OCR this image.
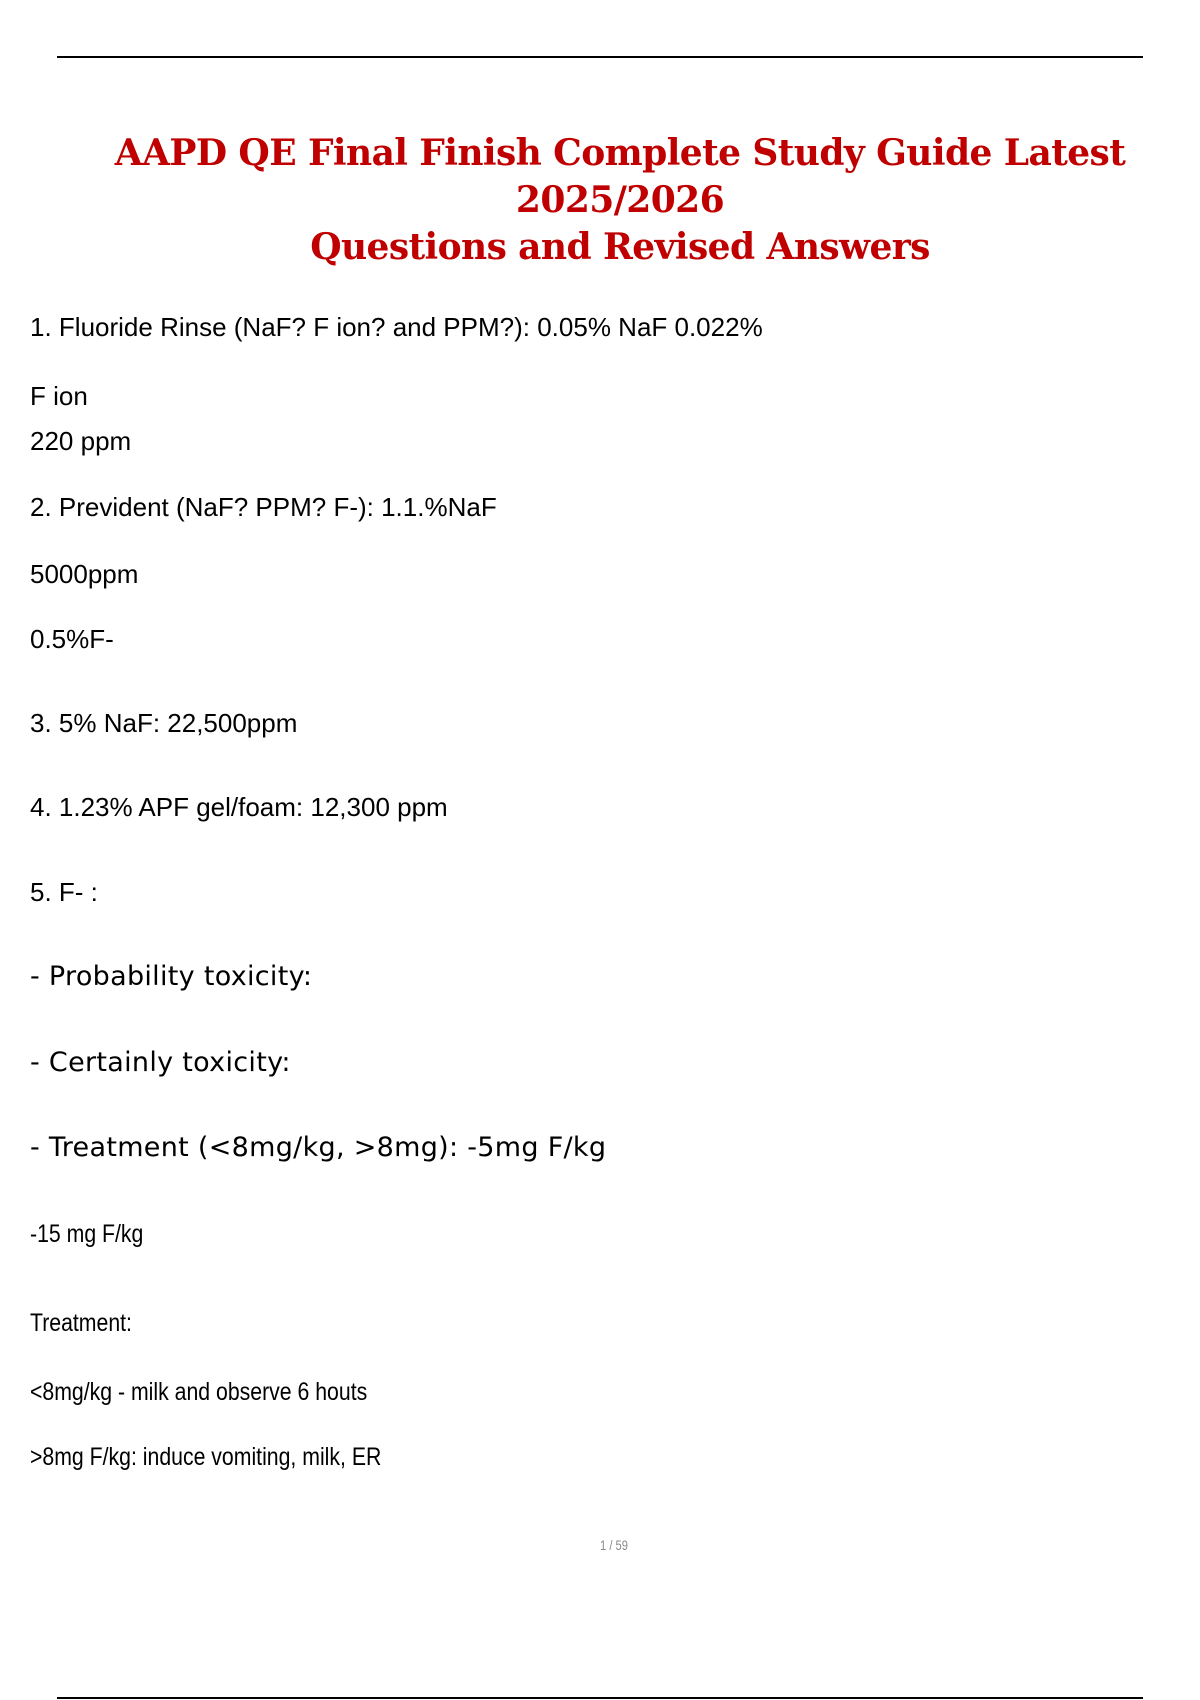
AAPD QE Final Finish Complete Study Guide Latest 2025/2026
Questions and Revised Answers
1. Fluoride Rinse (NaF? F ion? and PPM?): 0.05% NaF 0.022%
F ion
220 ppm
2. Prevident (NaF? PPM? F-): 1.1.%NaF
5000ppm
0.5%F-
3. 5% NaF: 22,500ppm
4. 1.23% APF gel/foam: 12,300 ppm
5. F- :
- Probability toxicity:
- Certainly toxicity:
- Treatment (<8mg/kg, >8mg): -5mg F/kg
-15 mg F/kg
Treatment:
<8mg/kg - milk and observe 6 houts
>8mg F/kg: induce vomiting, milk, ER
1 / 59
